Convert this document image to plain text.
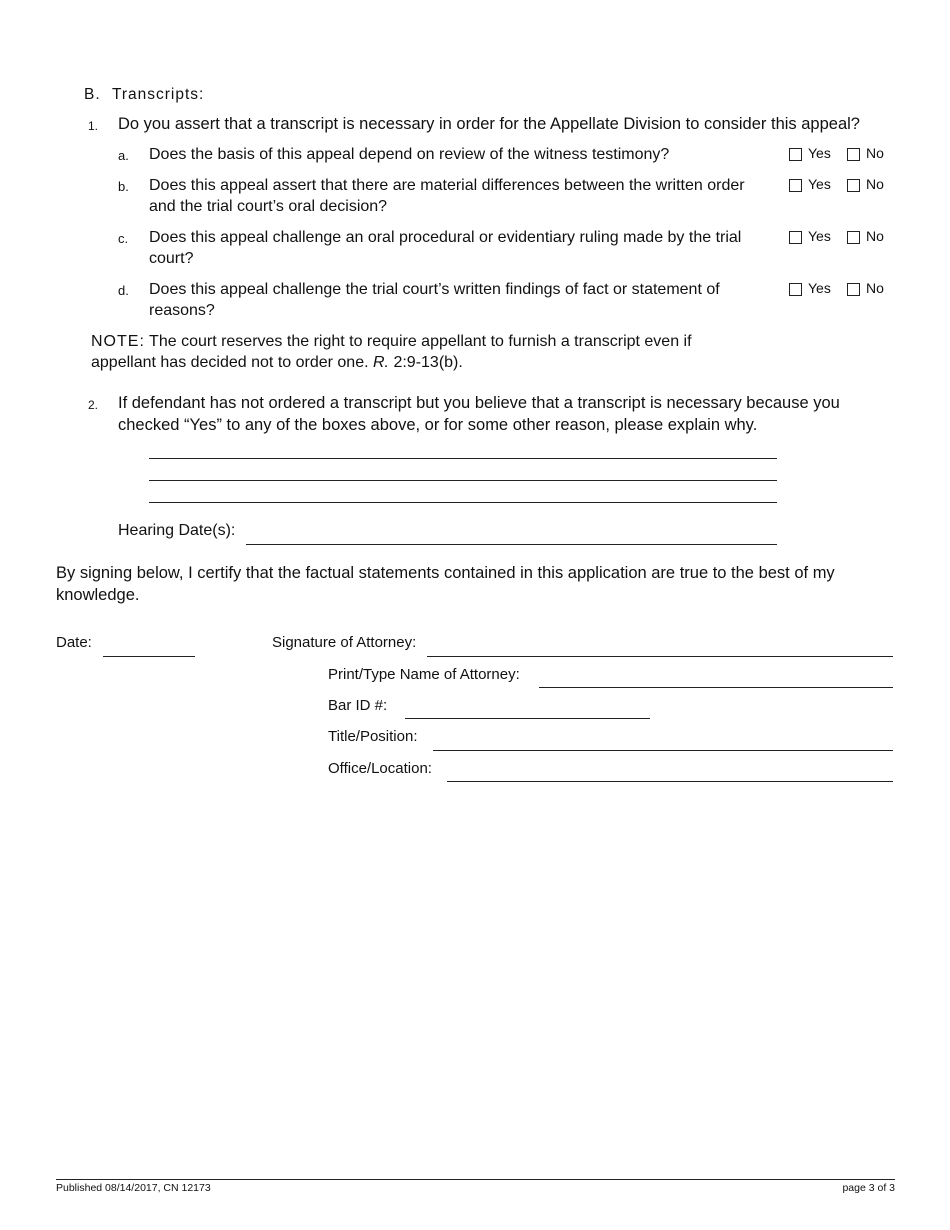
B. Transcripts:
1. Do you assert that a transcript is necessary in order for the Appellate Division to consider this appeal?
a. Does the basis of this appeal depend on review of the witness testimony?	Yes	No
b. Does this appeal assert that there are material differences between the written order
and the trial court’s oral decision?
Yes	No
c. Does this appeal challenge an oral procedural or evidentiary ruling made by the trial
court?
Yes	No
d. Does this appeal challenge the trial court’s written findings of fact or statement of
reasons?
Yes	No
NOTE: The court reserves the right to require appellant to furnish a transcript even if
appellant has decided not to order one. R. 2:9-13(b).
2. If defendant has not ordered a transcript but you believe that a transcript is necessary because you
checked “Yes” to any of the boxes above, or for some other reason, please explain why.
Hearing Date(s):
By signing below, I certify that the factual statements contained in this application are true to the best of my
knowledge.
Date:	Signature of Attorney:
Print/Type Name of Attorney:
Bar ID #:
Title/Position:
Office/Location:
Published 08/14/2017, CN 12173	page 3 of 3
